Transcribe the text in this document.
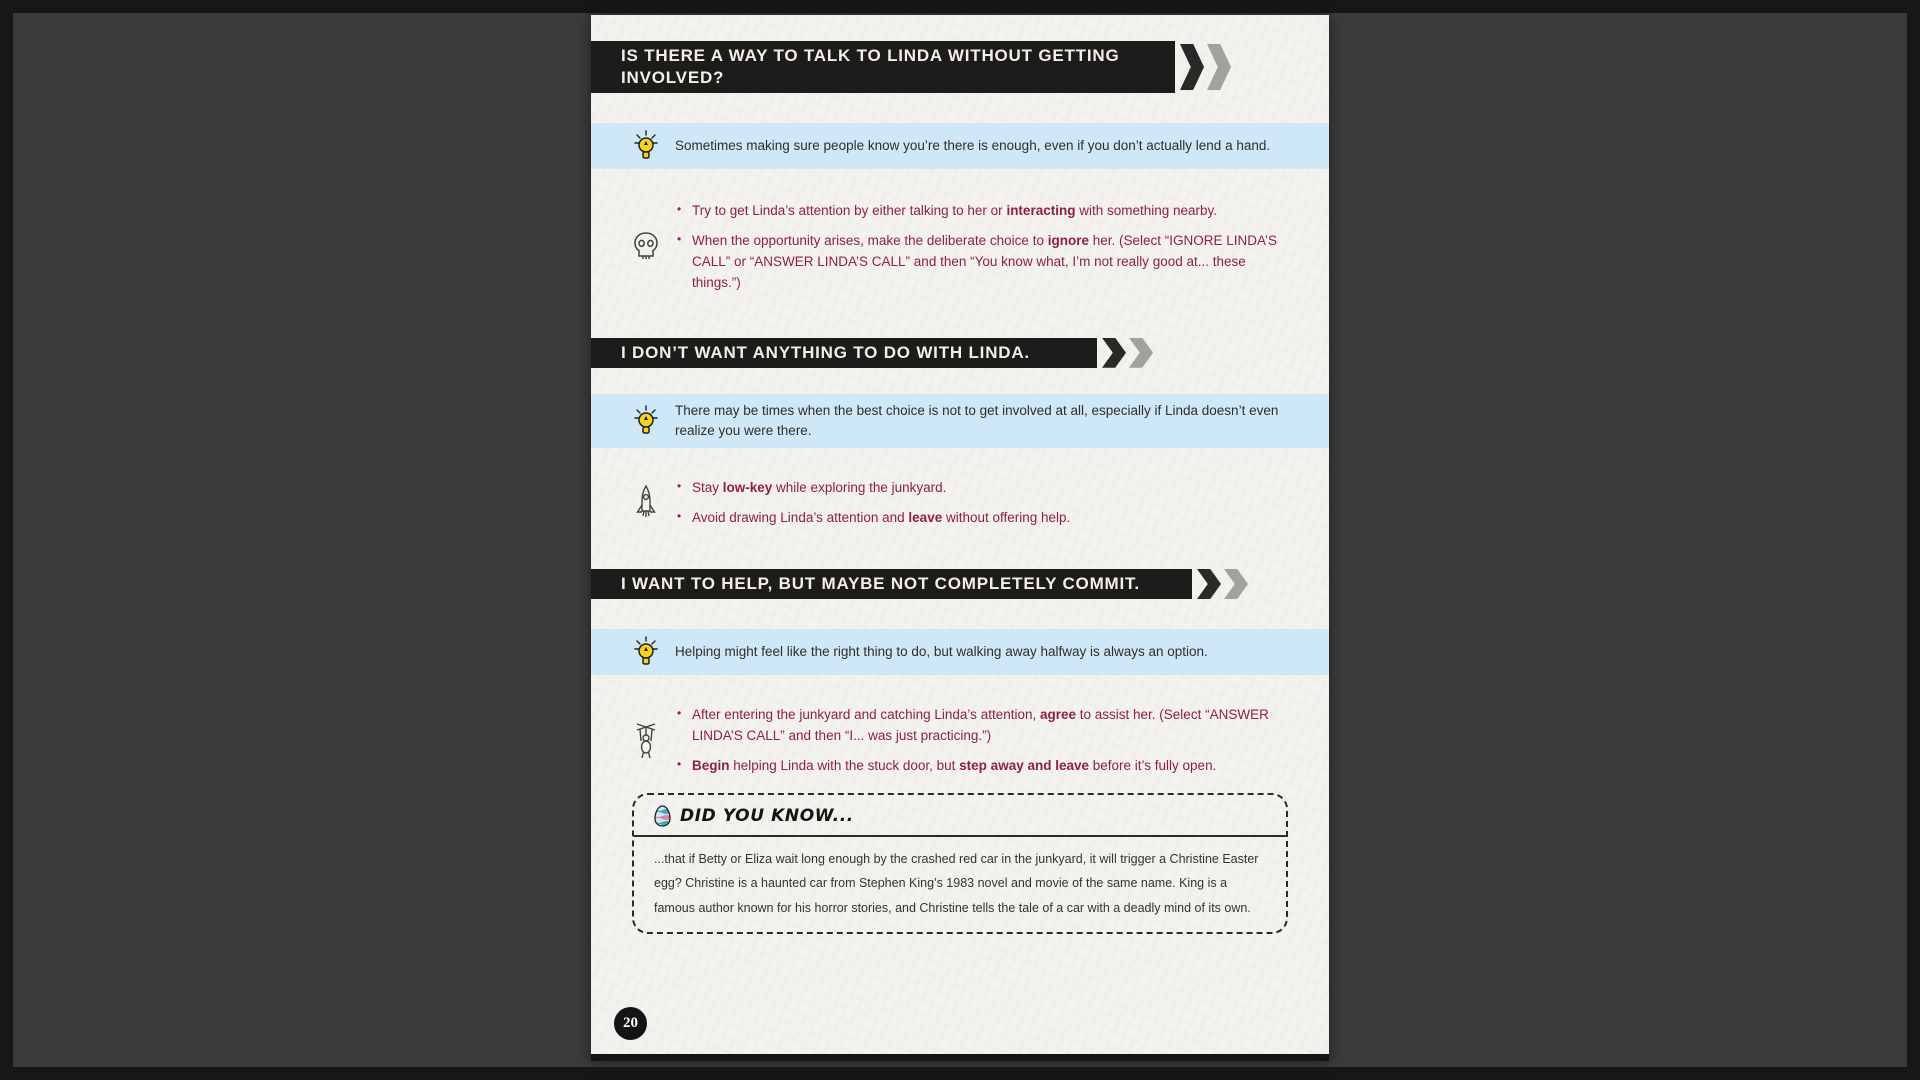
IS THERE A WAY TO TALK TO LINDA WITHOUT GETTING INVOLVED?

Sometimes making sure people know you’re there is enough, even if you don’t actually lend a hand.

• Try to get Linda’s attention by either talking to her or interacting with something nearby.
• When the opportunity arises, make the deliberate choice to ignore her. (Select “IGNORE LINDA’S CALL” or “ANSWER LINDA’S CALL” and then “You know what, I’m not really good at... these things.”)
I DON’T WANT ANYTHING TO DO WITH LINDA.

There may be times when the best choice is not to get involved at all, especially if Linda doesn’t even realize you were there.

• Stay low-key while exploring the junkyard.
• Avoid drawing Linda’s attention and leave without offering help.
I WANT TO HELP, BUT MAYBE NOT COMPLETELY COMMIT.

Helping might feel like the right thing to do, but walking away halfway is always an option.

• After entering the junkyard and catching Linda’s attention, agree to assist her. (Select “ANSWER LINDA’S CALL” and then “I... was just practicing.”)
• Begin helping Linda with the stuck door, but step away and leave before it’s fully open.
DID YOU KNOW...

...that if Betty or Eliza wait long enough by the crashed red car in the junkyard, it will trigger a Christine Easter egg? Christine is a haunted car from Stephen King’s 1983 novel and movie of the same name. King is a famous author known for his horror stories, and Christine tells the tale of a car with a deadly mind of its own.

20
